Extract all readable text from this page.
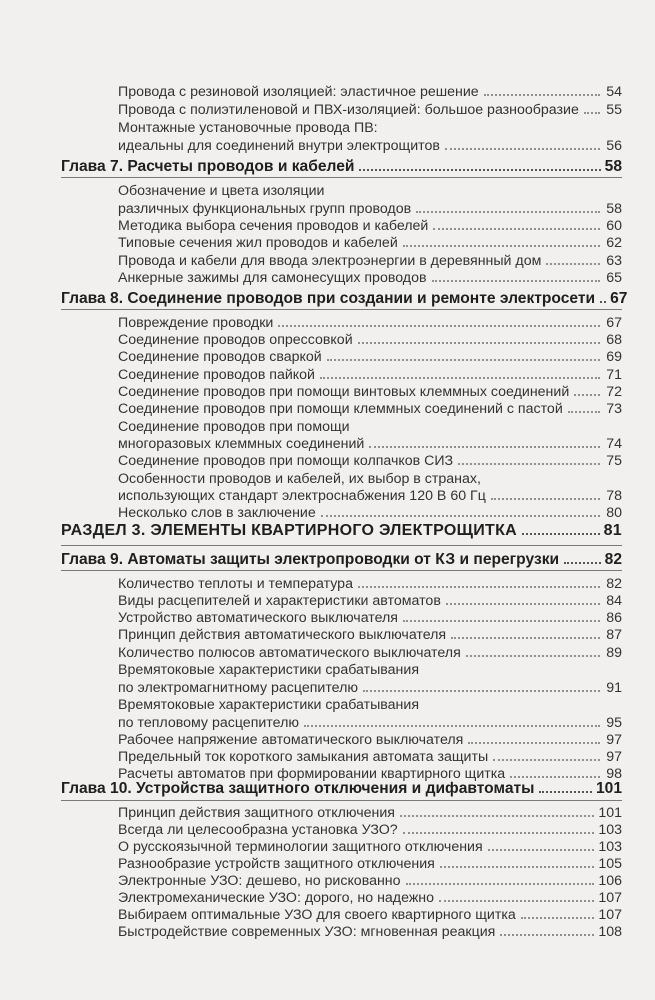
Провода с резиновой изоляцией: эластичное решение	54
Провода с полиэтиленовой и ПВХ-изоляцией: большое разнообразие 55
Монтажные установочные провода ПВ:
идеальны для соединений внутри электрощитов	56
Глава 7. Расчеты проводов и кабелей	58
Обозначение и цвета изоляции
различных функциональных групп проводов	58
Методика выбора сечения проводов и кабелей	60
Типовые сечения жил проводов и кабелей	62
Провода и кабели для ввода электроэнергии в деревянный дом	63
Анкерные зажимы для самонесущих проводов	65
Глава 8. Соединение проводов при создании и ремонте электросети 67
Повреждение проводки	67
Соединение проводов опрессовкой	68
Соединение проводов сваркой	69
Соединение проводов пайкой	71
Соединение проводов при помощи винтовых клеммных соединений	72
Соединение проводов при помощи клеммных соединений с пастой	73
Соединение проводов при помощи
многоразовых клеммных соединений	74
Соединение проводов при помощи колпачков СИЗ	75
Особенности проводов и кабелей, их выбор в странах,
использующих стандарт электроснабжения 120 В 60 Гц	78
Несколько слов в заключение	80
РАЗДЕЛ 3. ЭЛЕМЕНТЫ КВАРТИРНОГО ЭЛЕКТРОЩИТКА	81
Глава 9. Автоматы защиты электропроводки от КЗ и перегрузки	82
Количество теплоты и температура	82
Виды расцепителей и характеристики автоматов	84
Устройство автоматического выключателя	86
Принцип действия автоматического выключателя	87
Количество полюсов автоматического выключателя	89
Времятоковые характеристики срабатывания
по электромагнитному расцепителю	91
Времятоковые характеристики срабатывания
по тепловому расцепителю	95
Рабочее напряжение автоматического выключателя	97
Предельный ток короткого замыкания автомата защиты	97
Расчеты автоматов при формировании квартирного щитка	98
Глава 10. Устройства защитного отключения и дифавтоматы	101
Принцип действия защитного отключения	101
Всегда ли целесообразна установка УЗО?	103
О русскоязычной терминологии защитного отключения	103
Разнообразие устройств защитного отключения	105
Электронные УЗО: дешево, но рискованно	106
Электромеханические УЗО: дорого, но надежно	107
Выбираем оптимальные УЗО для своего квартирного щитка	107
Быстродействие современных УЗО: мгновенная реакция	108
